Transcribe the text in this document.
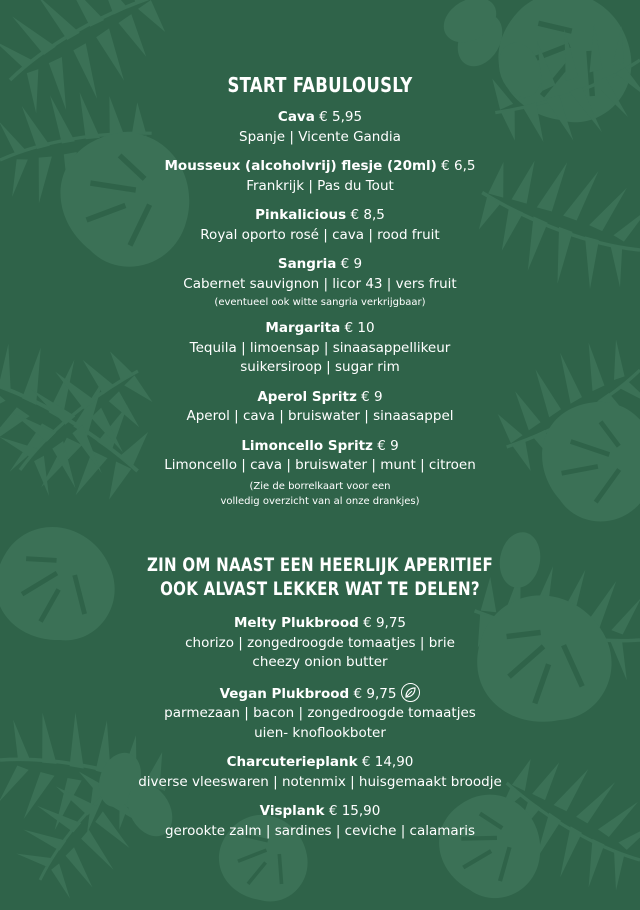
START FABULOUSLY
Cava € 5,95
Spanje | Vicente Gandia
Mousseux (alcoholvrij) flesje (20ml) € 6,5
Frankrijk | Pas du Tout
Pinkalicious € 8,5
Royal oporto rosé | cava | rood fruit
Sangria € 9
Cabernet sauvignon | licor 43 | vers fruit
(eventueel ook witte sangria verkrijgbaar)
Margarita € 10
Tequila | limoensap | sinaasappellikeur
suikersiroop | sugar rim
Aperol Spritz € 9
Aperol | cava | bruiswater | sinaasappel
Limoncello Spritz € 9
Limoncello | cava | bruiswater | munt | citroen
(Zie de borrelkaart voor een
volledig overzicht van al onze drankjes)
ZIN OM NAAST EEN HEERLIJK APERITIEF
OOK ALVAST LEKKER WAT TE DELEN?
Melty Plukbrood € 9,75
chorizo | zongedroogde tomaatjes | brie
cheezy onion butter
Vegan Plukbrood € 9,75
parmezaan | bacon | zongedroogde tomaatjes
uien- knoflookboter
Charcuterieplank € 14,90
diverse vleeswaren | notenmix | huisgemaakt broodje
Visplank € 15,90
gerookte zalm | sardines | ceviche | calamaris
